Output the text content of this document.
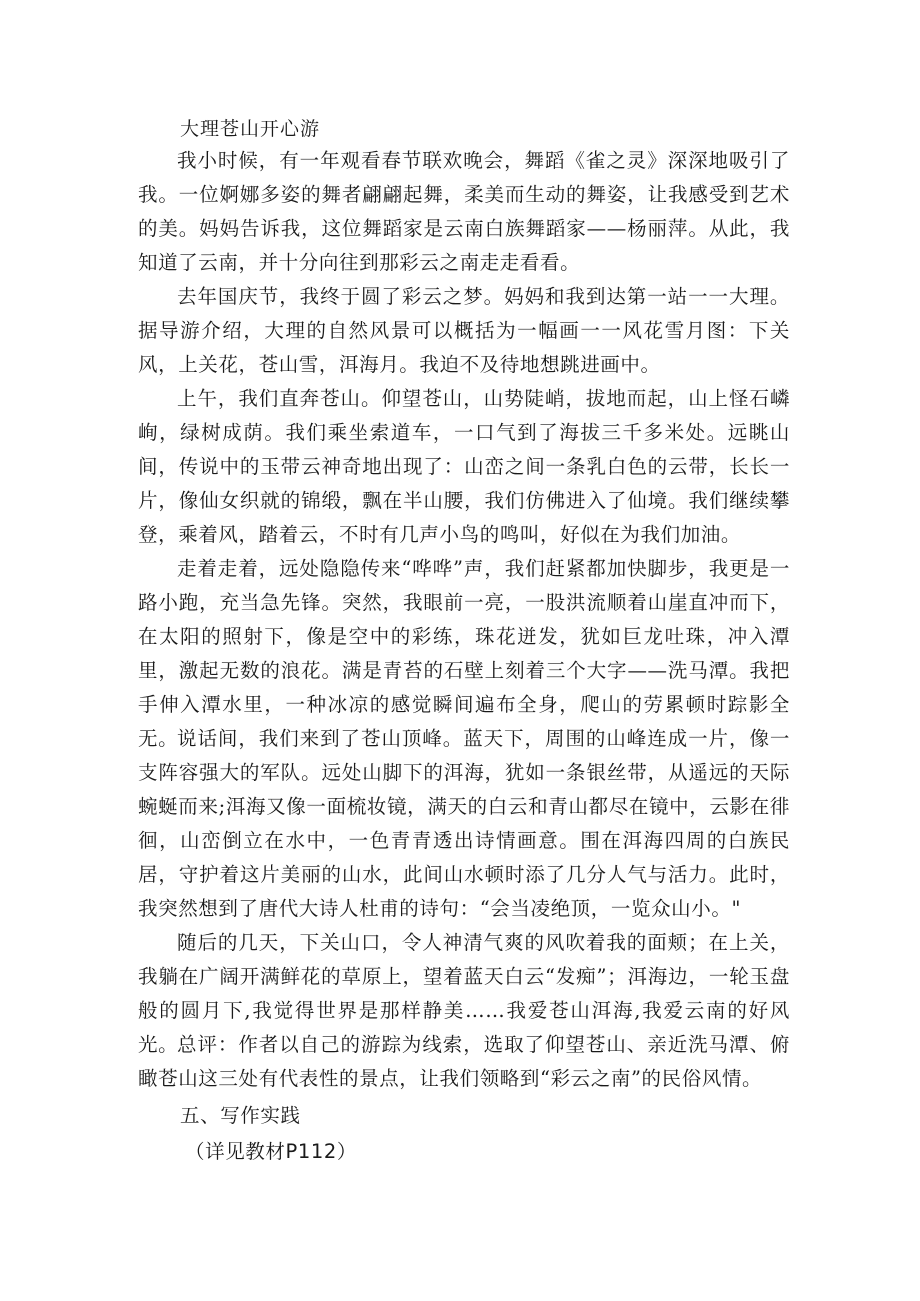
大理苍山开心游
我小时候，有一年观看春节联欢晚会，舞蹈《雀之灵》深深地吸引了我。一位婀娜多姿的舞者翩翩起舞，柔美而生动的舞姿，让我感受到艺术的美。妈妈告诉我，这位舞蹈家是云南白族舞蹈家——杨丽萍。从此，我知道了云南，并十分向往到那彩云之南走走看看。
去年国庆节，我终于圆了彩云之梦。妈妈和我到达第一站一一大理。据导游介绍，大理的自然风景可以概括为一幅画一一风花雪月图：下关风，上关花，苍山雪，洱海月。我迫不及待地想跳进画中。
上午，我们直奔苍山。仰望苍山，山势陡峭，拔地而起，山上怪石嶙峋，绿树成荫。我们乘坐索道车，一口气到了海拔三千多米处。远眺山间，传说中的玉带云神奇地出现了：山峦之间一条乳白色的云带，长长一片，像仙女织就的锦缎，飘在半山腰，我们仿佛进入了仙境。我们继续攀登，乘着风，踏着云，不时有几声小鸟的鸣叫，好似在为我们加油。
走着走着，远处隐隐传来“哗哗”声，我们赶紧都加快脚步，我更是一路小跑，充当急先锋。突然，我眼前一亮，一股洪流顺着山崖直冲而下，在太阳的照射下，像是空中的彩练，珠花迸发，犹如巨龙吐珠，冲入潭里，激起无数的浪花。满是青苔的石壁上刻着三个大字——洗马潭。我把手伸入潭水里，一种冰凉的感觉瞬间遍布全身，爬山的劳累顿时踪影全无。
说话间，我们来到了苍山顶峰。蓝天下，周围的山峰连成一片，像一支阵容强大的军队。远处山脚下的洱海，犹如一条银丝带，从遥远的天际蜿蜒而来;洱海又像一面梳妆镜，满天的白云和青山都尽在镜中，云影在徘徊，山峦倒立在水中，一色青青透出诗情画意。围在洱海四周的白族民居，守护着这片美丽的山水，此间山水顿时添了几分人气与活力。此时，我突然想到了唐代大诗人杜甫的诗句：“会当凌绝顶，一览众山小。"
随后的几天，下关山口，令人神清气爽的风吹着我的面颊；在上关，我躺在广阔开满鲜花的草原上，望着蓝天白云“发痴”；洱海边，一轮玉盘般的圆月下,我觉得世界是那样静美……我爱苍山洱海,我爱云南的好风光。
总评：作者以自己的游踪为线索，选取了仰望苍山、亲近洗马潭、俯瞰苍山这三处有代表性的景点，让我们领略到“彩云之南”的民俗风情。
五、写作实践
（详见教材P112）
